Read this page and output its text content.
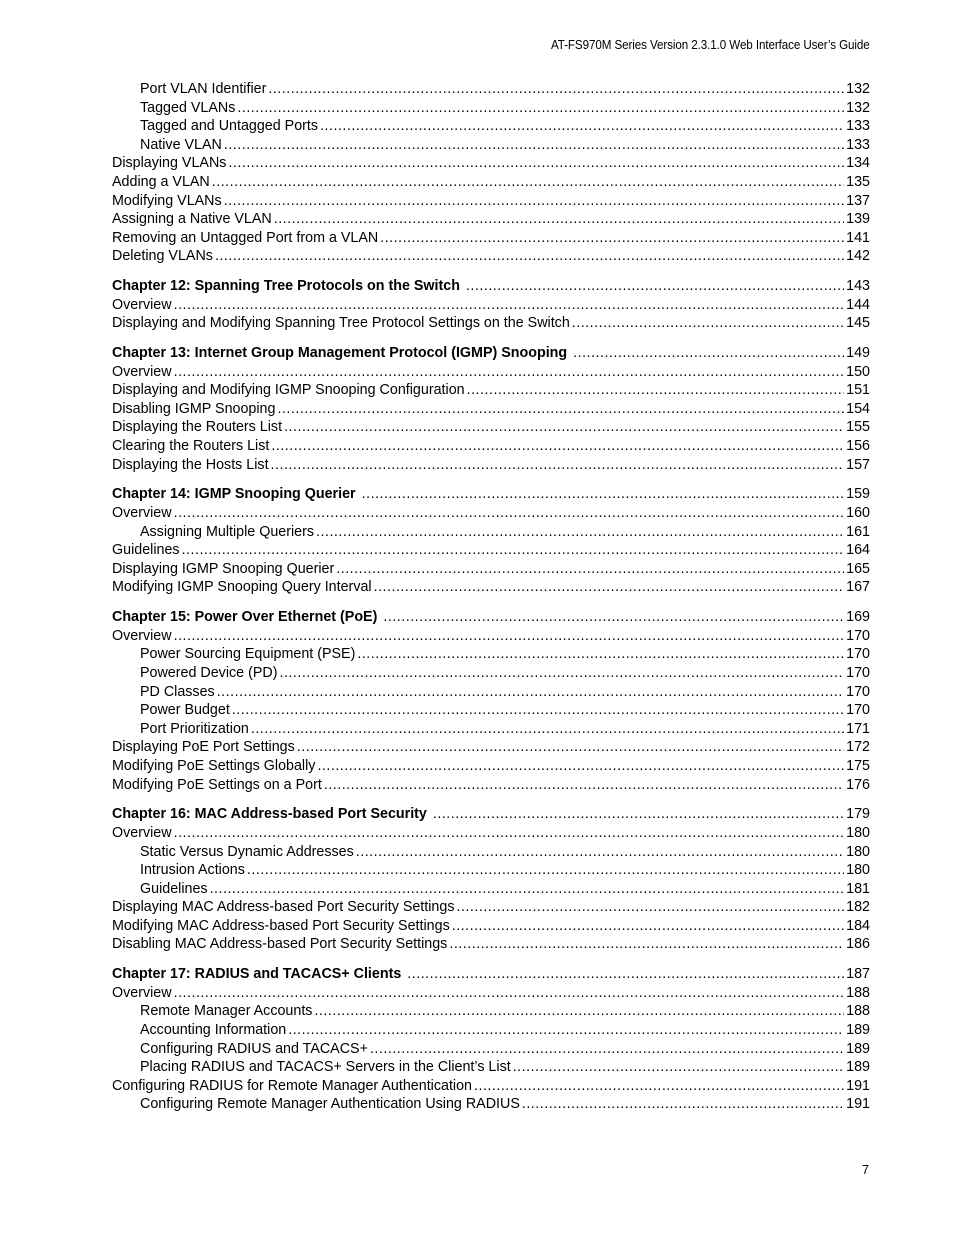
AT-FS970M Series Version 2.3.1.0 Web Interface User’s Guide
Port VLAN Identifier .....	132
Tagged VLANs .....	132
Tagged and Untagged Ports .....	133
Native VLAN .....	133
Displaying VLANs .....	134
Adding a VLAN .....	135
Modifying VLANs .....	137
Assigning a Native VLAN .....	139
Removing an Untagged Port from a VLAN .....	141
Deleting VLANs .....	142
Chapter 12: Spanning Tree Protocols on the Switch .....	143
Overview .....	144
Displaying and Modifying Spanning Tree Protocol Settings on the Switch .....	145
Chapter 13: Internet Group Management Protocol (IGMP) Snooping .....	149
Overview .....	150
Displaying and Modifying IGMP Snooping Configuration .....	151
Disabling IGMP Snooping .....	154
Displaying the Routers List .....	155
Clearing the Routers List .....	156
Displaying the Hosts List .....	157
Chapter 14: IGMP Snooping Querier .....	159
Overview .....	160
Assigning Multiple Queriers .....	161
Guidelines .....	164
Displaying IGMP Snooping Querier .....	165
Modifying IGMP Snooping Query Interval .....	167
Chapter 15: Power Over Ethernet (PoE) .....	169
Overview .....	170
Power Sourcing Equipment (PSE) .....	170
Powered Device (PD) .....	170
PD Classes .....	170
Power Budget .....	170
Port Prioritization .....	171
Displaying PoE Port Settings .....	172
Modifying PoE Settings Globally .....	175
Modifying PoE Settings on a Port .....	176
Chapter 16: MAC Address-based Port Security .....	179
Overview .....	180
Static Versus Dynamic Addresses .....	180
Intrusion Actions .....	180
Guidelines .....	181
Displaying MAC Address-based Port Security Settings .....	182
Modifying MAC Address-based Port Security Settings .....	184
Disabling MAC Address-based Port Security Settings .....	186
Chapter 17: RADIUS and TACACS+ Clients .....	187
Overview .....	188
Remote Manager Accounts .....	188
Accounting Information .....	189
Configuring RADIUS and TACACS+ .....	189
Placing RADIUS and TACACS+ Servers in the Client’s List .....	189
Configuring RADIUS for Remote Manager Authentication .....	191
Configuring Remote Manager Authentication Using RADIUS .....	191
7
